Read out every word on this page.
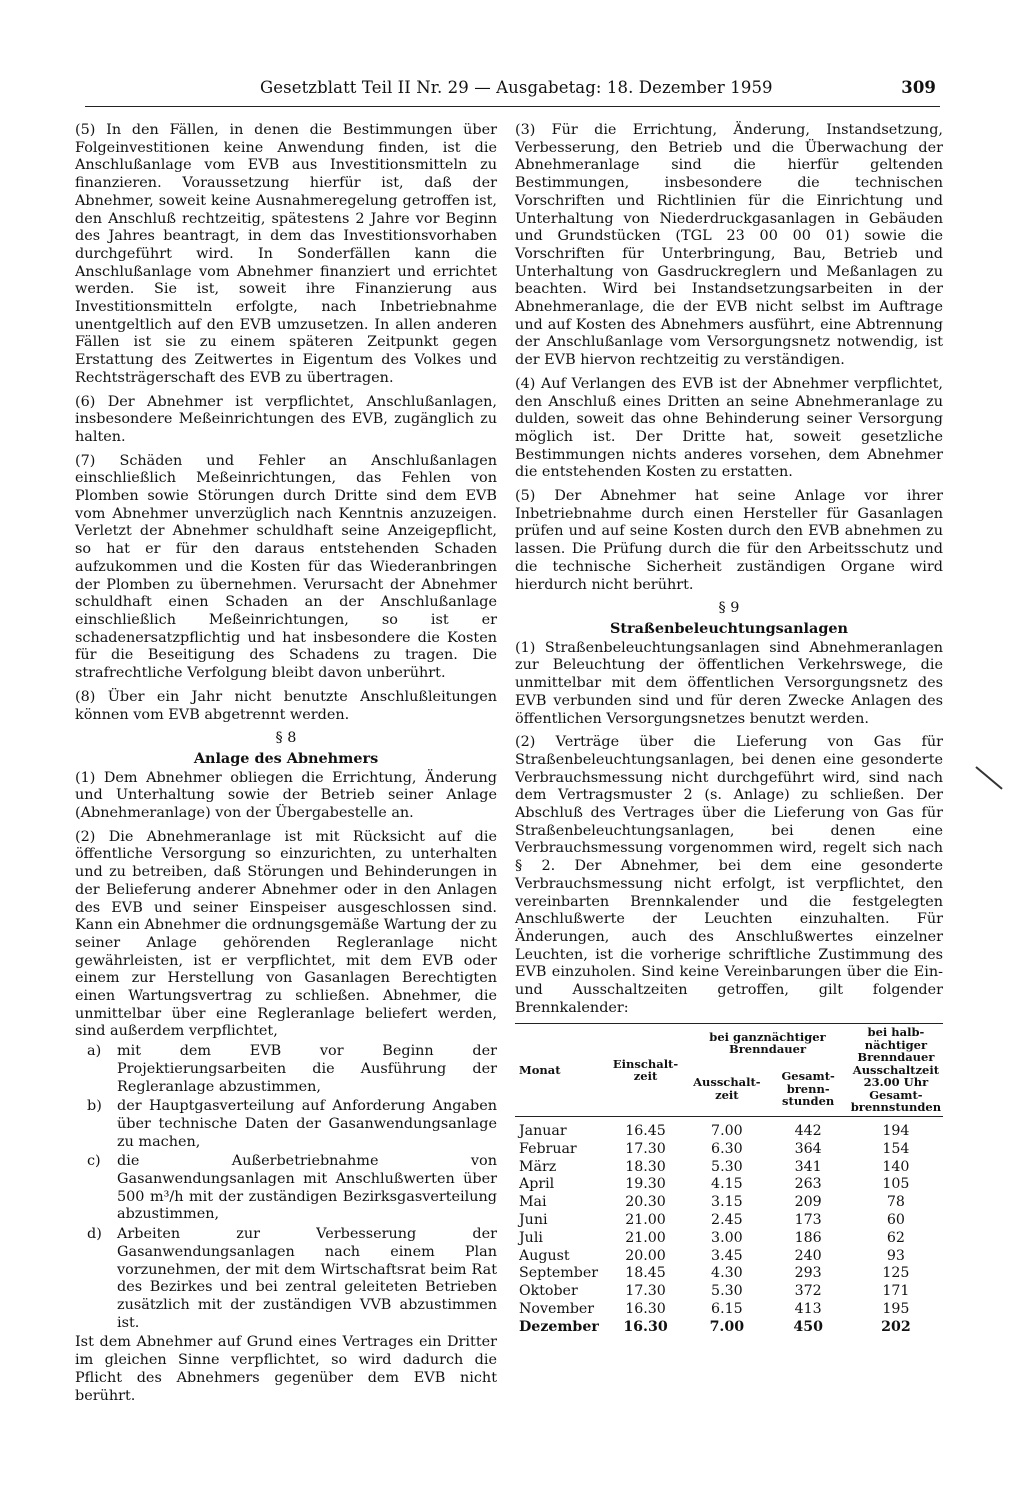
Gesetzblatt Teil II Nr. 29 — Ausgabetag: 18. Dezember 1959	309

(5) In den Fällen, in denen die Bestimmungen über Folgeinvestitionen keine Anwendung finden, ist die Anschlußanlage vom EVB aus Investitionsmitteln zu finanzieren. Voraussetzung hierfür ist, daß der Abnehmer, soweit keine Ausnahmeregelung getroffen ist, den Anschluß rechtzeitig, spätestens 2 Jahre vor Beginn des Jahres beantragt, in dem das Investitionsvorhaben durchgeführt wird. In Sonderfällen kann die Anschlußanlage vom Abnehmer finanziert und errichtet werden. Sie ist, soweit ihre Finanzierung aus Investitionsmitteln erfolgte, nach Inbetriebnahme unentgeltlich auf den EVB umzusetzen. In allen anderen Fällen ist sie zu einem späteren Zeitpunkt gegen Erstattung des Zeitwertes in Eigentum des Volkes und Rechtsträgerschaft des EVB zu übertragen.

(6) Der Abnehmer ist verpflichtet, Anschlußanlagen, insbesondere Meßeinrichtungen des EVB, zugänglich zu halten.

(7) Schäden und Fehler an Anschlußanlagen einschließlich Meßeinrichtungen, das Fehlen von Plomben sowie Störungen durch Dritte sind dem EVB vom Abnehmer unverzüglich nach Kenntnis anzuzeigen. Verletzt der Abnehmer schuldhaft seine Anzeigepflicht, so hat er für den daraus entstehenden Schaden aufzukommen und die Kosten für das Wiederanbringen der Plomben zu übernehmen. Verursacht der Abnehmer schuldhaft einen Schaden an der Anschlußanlage einschließlich Meßeinrichtungen, so ist er schadenersatzpflichtig und hat insbesondere die Kosten für die Beseitigung des Schadens zu tragen. Die strafrechtliche Verfolgung bleibt davon unberührt.

(8) Über ein Jahr nicht benutzte Anschlußleitungen können vom EVB abgetrennt werden.

§ 8
Anlage des Abnehmers

(1) Dem Abnehmer obliegen die Errichtung, Änderung und Unterhaltung sowie der Betrieb seiner Anlage (Abnehmeranlage) von der Übergabestelle an.

(2) Die Abnehmeranlage ist mit Rücksicht auf die öffentliche Versorgung so einzurichten, zu unterhalten und zu betreiben, daß Störungen und Behinderungen in der Belieferung anderer Abnehmer oder in den Anlagen des EVB und seiner Einspeiser ausgeschlossen sind. Kann ein Abnehmer die ordnungsgemäße Wartung der zu seiner Anlage gehörenden Regleranlage nicht gewährleisten, ist er verpflichtet, mit dem EVB oder einem zur Herstellung von Gasanlagen Berechtigten einen Wartungsvertrag zu schließen. Abnehmer, die unmittelbar über eine Regleranlage beliefert werden, sind außerdem verpflichtet,

a)	mit dem EVB vor Beginn der Projektierungsarbeiten die Ausführung der Regleranlage abzustimmen,
b)	der Hauptgasverteilung auf Anforderung Angaben über technische Daten der Gasanwendungsanlage zu machen,
c)	die Außerbetriebnahme von Gasanwendungsanlagen mit Anschlußwerten über 500 m³/h mit der zuständigen Bezirksgasverteilung abzustimmen,
d)	Arbeiten zur Verbesserung der Gasanwendungsanlagen nach einem Plan vorzunehmen, der mit dem Wirtschaftsrat beim Rat des Bezirkes und bei zentral geleiteten Betrieben zusätzlich mit der zuständigen VVB abzustimmen ist.

Ist dem Abnehmer auf Grund eines Vertrages ein Dritter im gleichen Sinne verpflichtet, so wird dadurch die Pflicht des Abnehmers gegenüber dem EVB nicht berührt.

(3) Für die Errichtung, Änderung, Instandsetzung, Verbesserung, den Betrieb und die Überwachung der Abnehmeranlage sind die hierfür geltenden Bestimmungen, insbesondere die technischen Vorschriften und Richtlinien für die Einrichtung und Unterhaltung von Niederdruckgasanlagen in Gebäuden und Grundstücken (TGL 23 00 00 01) sowie die Vorschriften für Unterbringung, Bau, Betrieb und Unterhaltung von Gasdruckreglern und Meßanlagen zu beachten. Wird bei Instandsetzungsarbeiten in der Abnehmeranlage, die der EVB nicht selbst im Auftrage und auf Kosten des Abnehmers ausführt, eine Abtrennung der Anschlußanlage vom Versorgungsnetz notwendig, ist der EVB hiervon rechtzeitig zu verständigen.

(4) Auf Verlangen des EVB ist der Abnehmer verpflichtet, den Anschluß eines Dritten an seine Abnehmeranlage zu dulden, soweit das ohne Behinderung seiner Versorgung möglich ist. Der Dritte hat, soweit gesetzliche Bestimmungen nichts anderes vorsehen, dem Abnehmer die entstehenden Kosten zu erstatten.

(5) Der Abnehmer hat seine Anlage vor ihrer Inbetriebnahme durch einen Hersteller für Gasanlagen prüfen und auf seine Kosten durch den EVB abnehmen zu lassen. Die Prüfung durch die für den Arbeitsschutz und die technische Sicherheit zuständigen Organe wird hierdurch nicht berührt.

§ 9
Straßenbeleuchtungsanlagen

(1) Straßenbeleuchtungsanlagen sind Abnehmeranlagen zur Beleuchtung der öffentlichen Verkehrswege, die unmittelbar mit dem öffentlichen Versorgungsnetz des EVB verbunden sind und für deren Zwecke Anlagen des öffentlichen Versorgungsnetzes benutzt werden.

(2) Verträge über die Lieferung von Gas für Straßenbeleuchtungsanlagen, bei denen eine gesonderte Verbrauchsmessung nicht durchgeführt wird, sind nach dem Vertragsmuster 2 (s. Anlage) zu schließen. Der Abschluß des Vertrages über die Lieferung von Gas für Straßenbeleuchtungsanlagen, bei denen eine Verbrauchsmessung vorgenommen wird, regelt sich nach § 2. Der Abnehmer, bei dem eine gesonderte Verbrauchsmessung nicht erfolgt, ist verpflichtet, den vereinbarten Brennkalender und die festgelegten Anschlußwerte der Leuchten einzuhalten. Für Änderungen, auch des Anschlußwertes einzelner Leuchten, ist die vorherige schriftliche Zustimmung des EVB einzuholen. Sind keine Vereinbarungen über die Ein- und Ausschaltzeiten getroffen, gilt folgender Brennkalender:

Monat	Einschalt-zeit	bei ganznächtiger Brenndauer		bei halb-nächtiger Brenndauer Ausschaltzeit 23.00 Uhr Gesamt-brennstunden
		Ausschalt-zeit	Gesamt-brenn-stunden	
Januar	16.45	7.00	442	194
Februar	17.30	6.30	364	154
März	18.30	5.30	341	140
April	19.30	4.15	263	105
Mai	20.30	3.15	209	78
Juni	21.00	2.45	173	60
Juli	21.00	3.00	186	62
August	20.00	3.45	240	93
September	18.45	4.30	293	125
Oktober	17.30	5.30	372	171
November	16.30	6.15	413	195
Dezember	16.30	7.00	450	202
